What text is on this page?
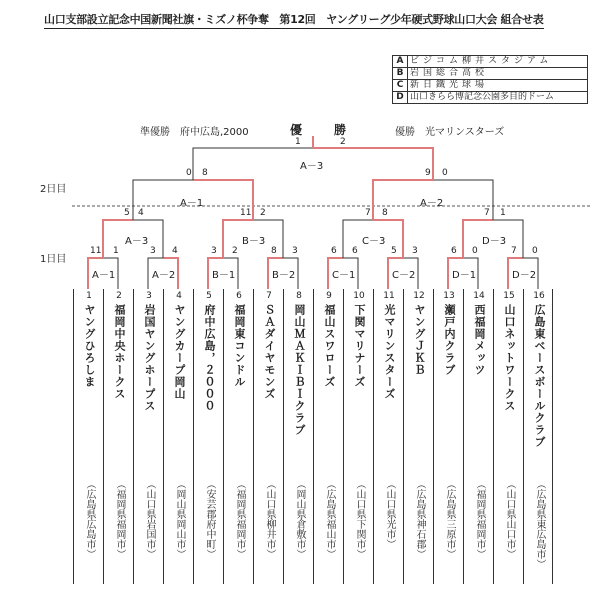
山口支部設立記念中国新聞社旗・ミズノ杯争奪　第12回　ヤングリーグ少年硬式野球山口大会 組合せ表
A	ビジコム柳井スタジアム
B	岩国総合高校
C	新日鐵光球場
D	山口きらら博記念公園多目的ドーム
準優勝　府中広島,2000	優　勝	優勝　光マリンスターズ
2日目
1日目
1	2
A－3
0 8
A－1
9 0
A－2
5 4
A－3
11 2
B－3
7 8
C－3
7 1
D－3
11 1
A－1
3 4
A－2
3 2
B－1
8 3
B－2
6 6
C－1
5 3
C－2
6 0
D－1
7 0
D－2
1
ヤングひろしま
（広島県広島市）
2
福岡中央ホークス
（福岡県福岡市）
3
岩国ヤングホープス
（山口県岩国市）
4
ヤングカープ岡山
（岡山県岡山市）
5
府中広島，２０００
（安芸郡府中町）
6
福岡東コンドル
（福岡県福岡市）
7
ＳＡダイヤモンズ
（山口県柳井市）
8
岡山ＭＡＫＩＢＩクラブ
（岡山県倉敷市）
9
福山スワローズ
（広島県福山市）
10
下関マリナーズ
（山口県下関市）
11
光マリンスターズ
（山口県光市）
12
ヤングＪＫＢ
（広島県神石郡）
13
瀬戸内クラブ
（広島県三原市）
14
西福岡メッツ
（福岡県福岡市）
15
山口ネットワークス
（山口県山口市）
16
広島東ベースボールクラブ
（広島県東広島市）
